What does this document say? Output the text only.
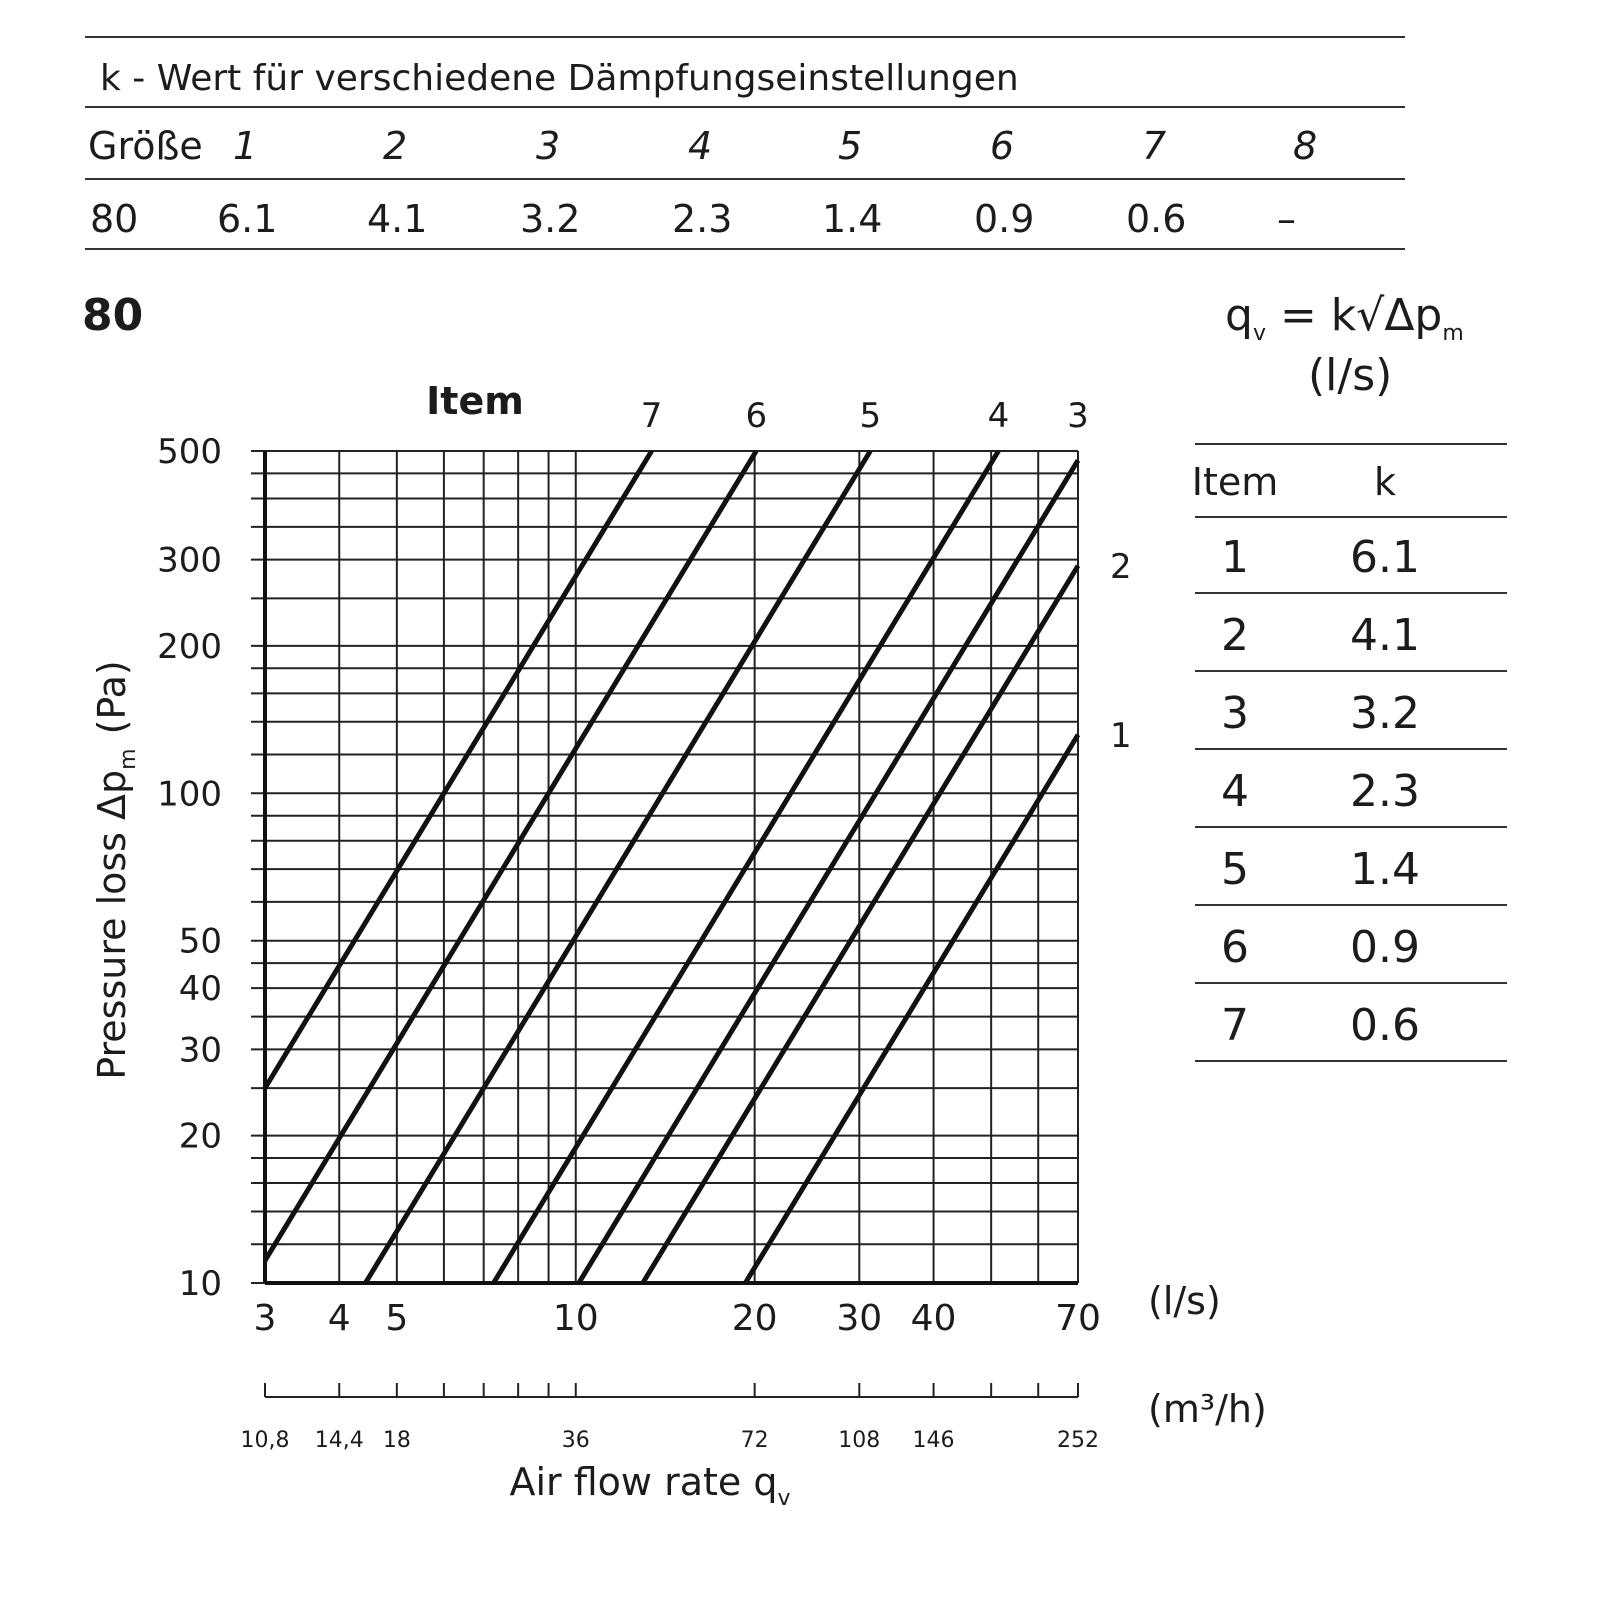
k - Wert für verschiedene Dämpfungseinstellungen
Größe 1	2	3	4	5	6	7	8
80 6.1 4.1 3.2 2.3 1.4 0.9 0.6 –
80	$q_v = k√\Delta p_m$
(l/s)
Item	k
1	6.1
2	4.1
3	3.2
4	2.3
5	1.4
6	0.9
7	0.6
10
20
30
40
50
100
200
300
500
3 4 5	10	20 30 40	70
10,8 14,4 18	36	72	108 146	252
1
2
3
4
5
6
7
Item
(l/s)
(m³/h)
Air flow rate $q_v$
Pressure loss $\Delta p_m(Pa)$
